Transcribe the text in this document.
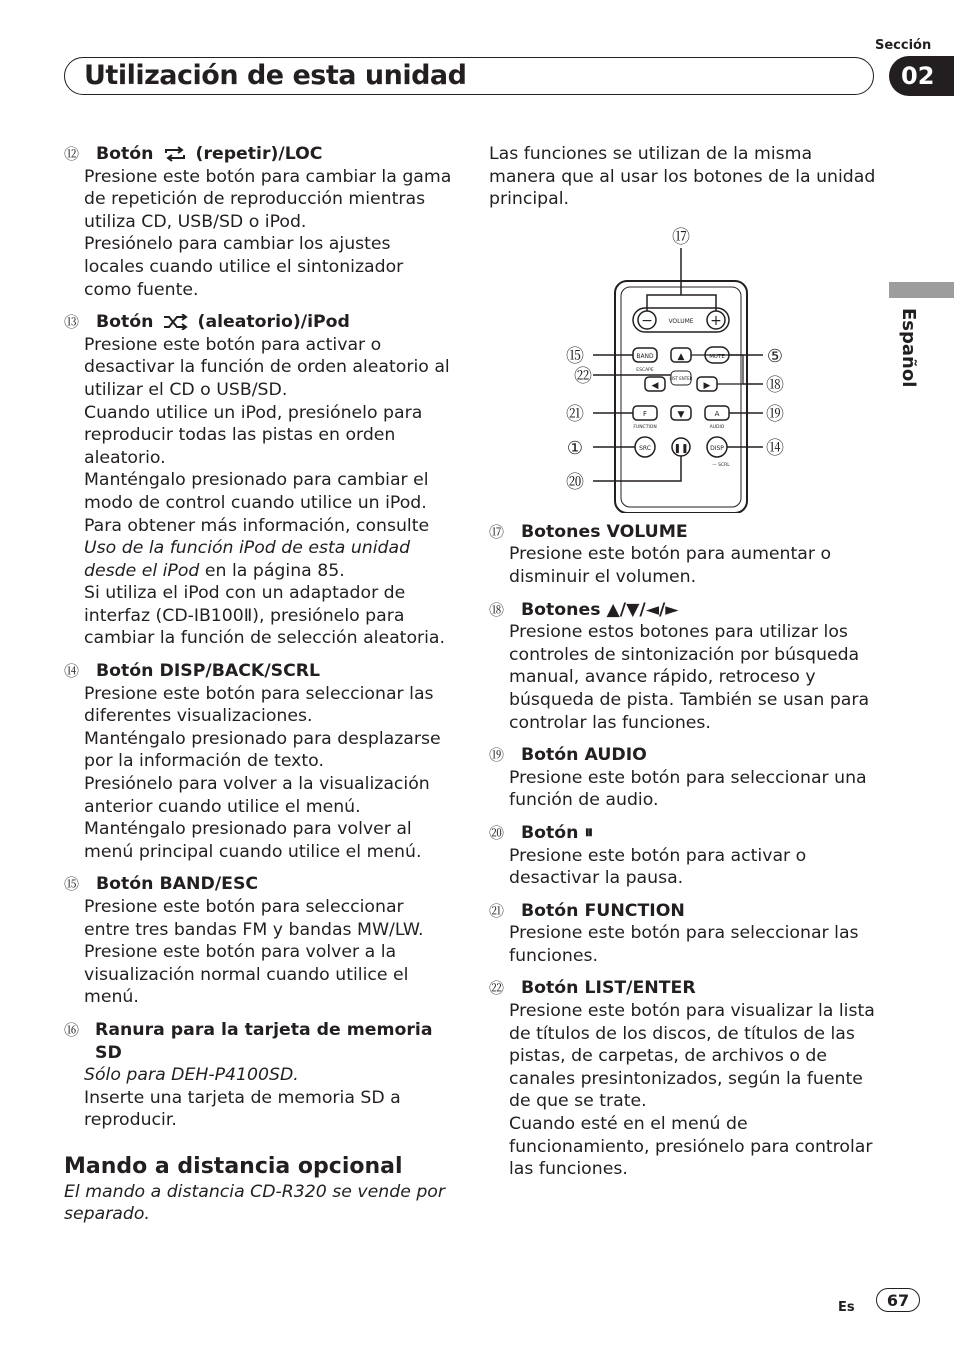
Sección
Utilización de esta unidad	02
Español
⑫ Botón (repetir)/LOC

Presione este botón para cambiar la gama de repetición de reproducción mientras utiliza CD, USB/SD o iPod.

Presiónelo para cambiar los ajustes locales cuando utilice el sintonizador como fuente.

⑬ Botón	(aleatorio)/iPod

Presione este botón para activar o desactivar la función de orden aleatorio al utilizar el CD o USB/SD.

Cuando utilice un iPod, presiónelo para reproducir todas las pistas en orden aleatorio.

Manténgalo presionado para cambiar el modo de control cuando utilice un iPod.

Para obtener más información, consulte Uso de la función iPod de esta unidad desde el iPod en la página 85.

Si utiliza el iPod con un adaptador de interfaz (CD-IB100Ⅱ), presiónelo para cambiar la función de selección aleatoria.

⑭ Botón DISP/BACK/SCRL

Presione este botón para seleccionar las diferentes visualizaciones.

Manténgalo presionado para desplazarse por la información de texto.

Presiónelo para volver a la visualización anterior cuando utilice el menú.

Manténgalo presionado para volver al menú principal cuando utilice el menú.

⑮ Botón BAND/ESC

Presione este botón para seleccionar entre tres bandas FM y bandas MW/LW.

Presione este botón para volver a la visualización normal cuando utilice el menú.

⑯ Ranura para la tarjeta de memoria SD

Sólo para DEH-P4100SD.

Inserte una tarjeta de memoria SD a reproducir.

Mando a distancia opcional

El mando a distancia CD-R320 se vende por separado.

Las funciones se utilizan de la misma manera que al usar los botones de la unidad principal.

−	+
VOLUME
⑰
BAND
ESCAPE
⑮	▲	MUTE ⑤
LIST ENTER
㉒	◀	▶	⑱
F
FUNCTION
㉑	▼	A
AUDIO
⑲
SRC
①	❚❚
⑳
DISP
— SCRL
⑭
⑰ Botones VOLUME

Presione este botón para aumentar o disminuir el volumen.

⑱ Botones ▲/▼/◄/►

Presione estos botones para utilizar los controles de sintonización por búsqueda manual, avance rápido, retroceso y búsqueda de pista. También se usan para controlar las funciones.

⑲ Botón AUDIO

Presione este botón para seleccionar una función de audio.

⑳ Botón ⏸

Presione este botón para activar o desactivar la pausa.

㉑ Botón FUNCTION

Presione este botón para seleccionar las funciones.

㉒ Botón LIST/ENTER

Presione este botón para visualizar la lista de títulos de los discos, de títulos de las pistas, de carpetas, de archivos o de canales presintonizados, según la fuente de que se trate.

Cuando esté en el menú de funcionamiento, presiónelo para controlar las funciones.

Es	67
